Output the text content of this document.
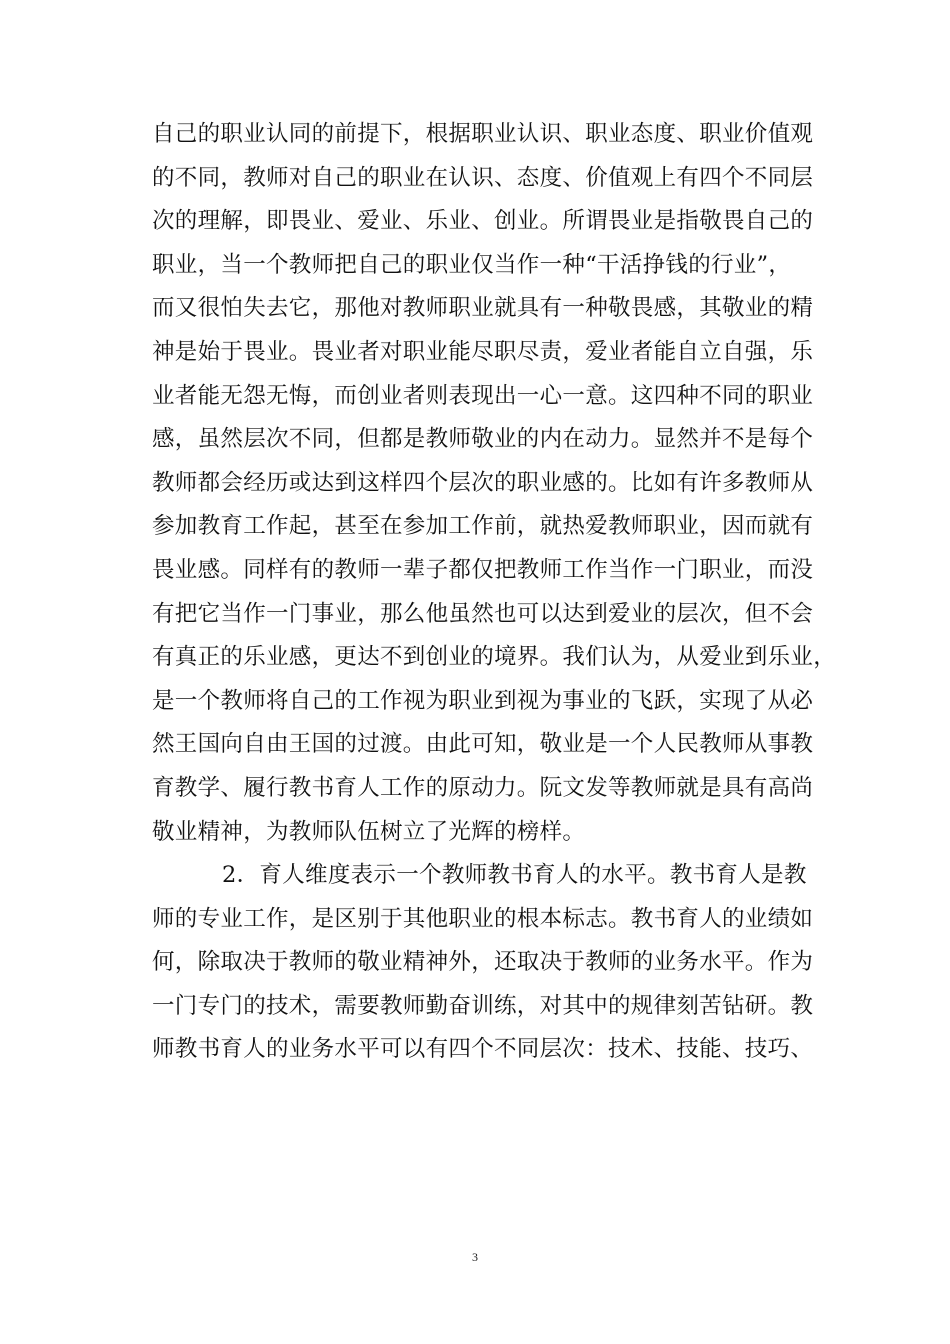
自己的职业认同的前提下，根据职业认识、职业态度、职业价值观
的不同，教师对自己的职业在认识、态度、价值观上有四个不同层
次的理解，即畏业、爱业、乐业、创业。所谓畏业是指敬畏自己的
职业，当一个教师把自己的职业仅当作一种“干活挣钱的行业”，
而又很怕失去它，那他对教师职业就具有一种敬畏感，其敬业的精
神是始于畏业。畏业者对职业能尽职尽责，爱业者能自立自强，乐
业者能无怨无悔，而创业者则表现出一心一意。这四种不同的职业
感，虽然层次不同，但都是教师敬业的内在动力。显然并不是每个
教师都会经历或达到这样四个层次的职业感的。比如有许多教师从
参加教育工作起，甚至在参加工作前，就热爱教师职业，因而就有
畏业感。同样有的教师一辈子都仅把教师工作当作一门职业，而没
有把它当作一门事业，那么他虽然也可以达到爱业的层次，但不会
有真正的乐业感，更达不到创业的境界。我们认为，从爱业到乐业，
是一个教师将自己的工作视为职业到视为事业的飞跃，实现了从必
然王国向自由王国的过渡。由此可知，敬业是一个人民教师从事教
育教学、履行教书育人工作的原动力。阮文发等教师就是具有高尚
敬业精神，为教师队伍树立了光辉的榜样。
2．育人维度表示一个教师教书育人的水平。教书育人是教
师的专业工作，是区别于其他职业的根本标志。教书育人的业绩如
何，除取决于教师的敬业精神外，还取决于教师的业务水平。作为
一门专门的技术，需要教师勤奋训练，对其中的规律刻苦钻研。教
师教书育人的业务水平可以有四个不同层次：技术、技能、技巧、
3
